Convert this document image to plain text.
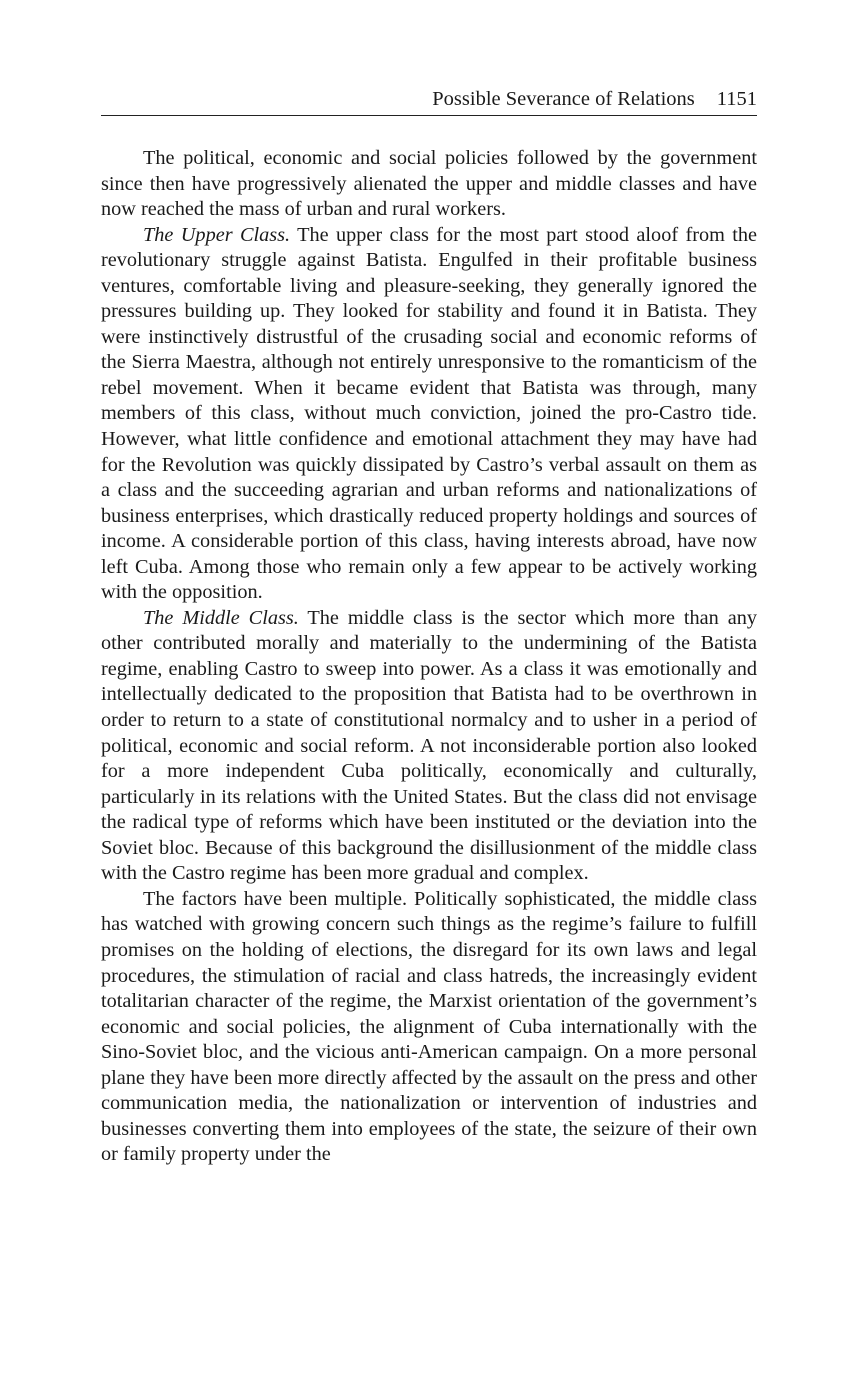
Possible Severance of Relations 1151

The political, economic and social policies followed by the government since then have progressively alienated the upper and middle classes and have now reached the mass of urban and rural workers.

The Upper Class. The upper class for the most part stood aloof from the revolutionary struggle against Batista. Engulfed in their profitable business ventures, comfortable living and pleasure-seeking, they generally ignored the pressures building up. They looked for stability and found it in Batista. They were instinctively distrustful of the crusading social and economic reforms of the Sierra Maestra, although not entirely unresponsive to the romanticism of the rebel movement. When it became evident that Batista was through, many members of this class, without much conviction, joined the pro-Castro tide. However, what little confidence and emotional attachment they may have had for the Revolution was quickly dissipated by Castro’s verbal assault on them as a class and the succeeding agrarian and urban reforms and nationalizations of business enterprises, which drastically reduced property holdings and sources of income. A considerable portion of this class, having interests abroad, have now left Cuba. Among those who remain only a few appear to be actively working with the opposition.

The Middle Class. The middle class is the sector which more than any other contributed morally and materially to the undermining of the Batista regime, enabling Castro to sweep into power. As a class it was emotionally and intellectually dedicated to the proposition that Batista had to be overthrown in order to return to a state of constitutional normalcy and to usher in a period of political, economic and social reform. A not inconsiderable portion also looked for a more independent Cuba politically, economically and culturally, particularly in its relations with the United States. But the class did not envisage the radical type of reforms which have been instituted or the deviation into the Soviet bloc. Because of this background the disillusionment of the middle class with the Castro regime has been more gradual and complex.

The factors have been multiple. Politically sophisticated, the middle class has watched with growing concern such things as the regime’s failure to fulfill promises on the holding of elections, the disregard for its own laws and legal procedures, the stimulation of racial and class hatreds, the increasingly evident totalitarian character of the regime, the Marxist orientation of the government’s economic and social policies, the alignment of Cuba internationally with the Sino-Soviet bloc, and the vicious anti-American campaign. On a more personal plane they have been more directly affected by the assault on the press and other communication media, the nationalization or intervention of industries and businesses converting them into employees of the state, the seizure of their own or family property under the
